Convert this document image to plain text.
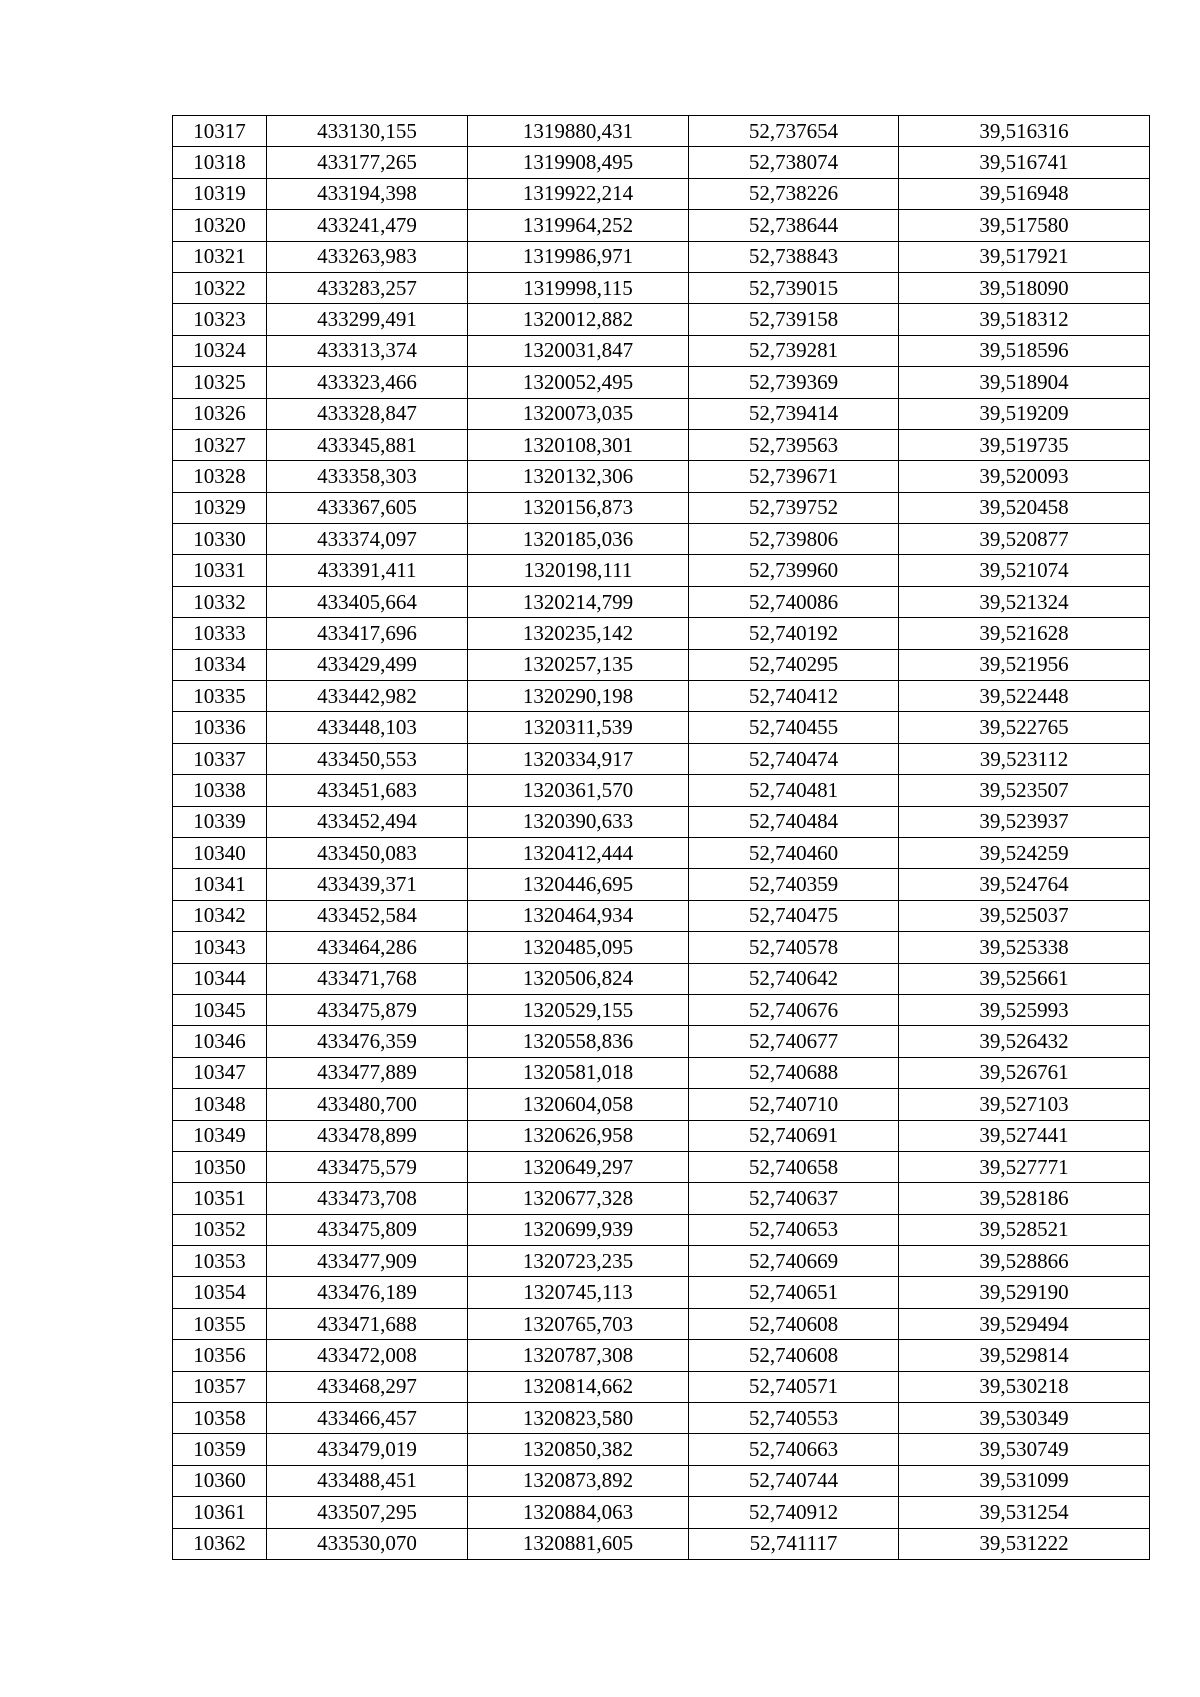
10317	433130,155	1319880,431	52,737654	39,516316
10318	433177,265	1319908,495	52,738074	39,516741
10319	433194,398	1319922,214	52,738226	39,516948
10320	433241,479	1319964,252	52,738644	39,517580
10321	433263,983	1319986,971	52,738843	39,517921
10322	433283,257	1319998,115	52,739015	39,518090
10323	433299,491	1320012,882	52,739158	39,518312
10324	433313,374	1320031,847	52,739281	39,518596
10325	433323,466	1320052,495	52,739369	39,518904
10326	433328,847	1320073,035	52,739414	39,519209
10327	433345,881	1320108,301	52,739563	39,519735
10328	433358,303	1320132,306	52,739671	39,520093
10329	433367,605	1320156,873	52,739752	39,520458
10330	433374,097	1320185,036	52,739806	39,520877
10331	433391,411	1320198,111	52,739960	39,521074
10332	433405,664	1320214,799	52,740086	39,521324
10333	433417,696	1320235,142	52,740192	39,521628
10334	433429,499	1320257,135	52,740295	39,521956
10335	433442,982	1320290,198	52,740412	39,522448
10336	433448,103	1320311,539	52,740455	39,522765
10337	433450,553	1320334,917	52,740474	39,523112
10338	433451,683	1320361,570	52,740481	39,523507
10339	433452,494	1320390,633	52,740484	39,523937
10340	433450,083	1320412,444	52,740460	39,524259
10341	433439,371	1320446,695	52,740359	39,524764
10342	433452,584	1320464,934	52,740475	39,525037
10343	433464,286	1320485,095	52,740578	39,525338
10344	433471,768	1320506,824	52,740642	39,525661
10345	433475,879	1320529,155	52,740676	39,525993
10346	433476,359	1320558,836	52,740677	39,526432
10347	433477,889	1320581,018	52,740688	39,526761
10348	433480,700	1320604,058	52,740710	39,527103
10349	433478,899	1320626,958	52,740691	39,527441
10350	433475,579	1320649,297	52,740658	39,527771
10351	433473,708	1320677,328	52,740637	39,528186
10352	433475,809	1320699,939	52,740653	39,528521
10353	433477,909	1320723,235	52,740669	39,528866
10354	433476,189	1320745,113	52,740651	39,529190
10355	433471,688	1320765,703	52,740608	39,529494
10356	433472,008	1320787,308	52,740608	39,529814
10357	433468,297	1320814,662	52,740571	39,530218
10358	433466,457	1320823,580	52,740553	39,530349
10359	433479,019	1320850,382	52,740663	39,530749
10360	433488,451	1320873,892	52,740744	39,531099
10361	433507,295	1320884,063	52,740912	39,531254
10362	433530,070	1320881,605	52,741117	39,531222
